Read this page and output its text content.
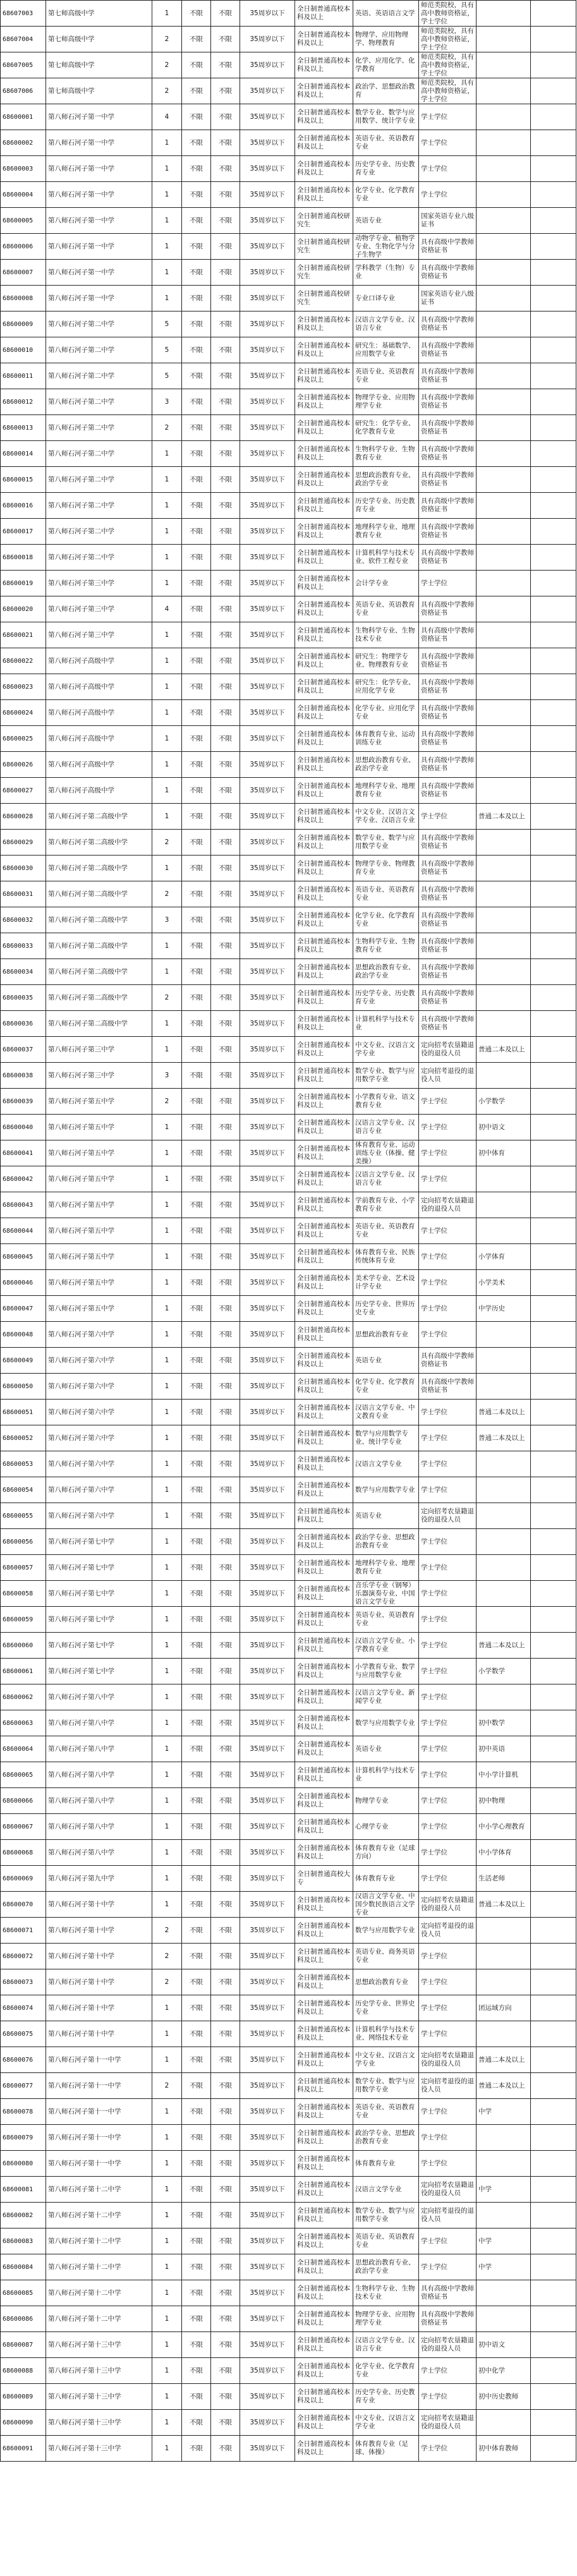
68607003	第七师高级中学	1	不限	不限	35周岁以下	全日制普通高校本科及以上	英语、英语语言文学	师范类院校，具有高中教师资格证，学士学位		
68607004	第七师高级中学	2	不限	不限	35周岁以下	全日制普通高校本科及以上	物理学、应用物理学、物理教育	师范类院校，具有高中教师资格证，学士学位		
68607005	第七师高级中学	2	不限	不限	35周岁以下	全日制普通高校本科及以上	化学、应用化学、化学教育	师范类院校，具有高中教师资格证，学士学位		
68607006	第七师高级中学	2	不限	不限	35周岁以下	全日制普通高校本科及以上	政治学、思想政治教育	师范类院校，具有高中教师资格证，学士学位		
68600001	第八师石河子第一中学	4	不限	不限	35周岁以下	全日制普通高校本科及以上	数学专业、数学与应用数学、统计学专业	学士学位		
68600002	第八师石河子第一中学	1	不限	不限	35周岁以下	全日制普通高校本科及以上	英语专业、英语教育专业	学士学位		
68600003	第八师石河子第一中学	1	不限	不限	35周岁以下	全日制普通高校本科及以上	历史学专业、历史教育专业	学士学位		
68600004	第八师石河子第一中学	1	不限	不限	35周岁以下	全日制普通高校本科及以上	化学专业、化学教育专业	学士学位		
68600005	第八师石河子第一中学	1	不限	不限	35周岁以下	全日制普通高校研究生	英语专业	国家英语专业八级证书		
68600006	第八师石河子第一中学	1	不限	不限	35周岁以下	全日制普通高校研究生	动物学专业、植物学专业、生物化学与分子生物学	具有高级中学教师资格证书		
68600007	第八师石河子第一中学	1	不限	不限	35周岁以下	全日制普通高校研究生	学科教学（生物）专业	具有高级中学教师资格证书		
68600008	第八师石河子第一中学	1	不限	不限	35周岁以下	全日制普通高校研究生	专业口译专业	国家英语专业八级证书		
68600009	第八师石河子第二中学	5	不限	不限	35周岁以下	全日制普通高校本科及以上	汉语言文学专业、汉语言专业	具有高级中学教师资格证书		
68600010	第八师石河子第二中学	5	不限	不限	35周岁以下	全日制普通高校本科及以上	研究生：基础数学、应用数学专业	具有高级中学教师资格证书		
68600011	第八师石河子第二中学	5	不限	不限	35周岁以下	全日制普通高校本科及以上	英语专业、英语教育专业	具有高级中学教师资格证书		
68600012	第八师石河子第二中学	3	不限	不限	35周岁以下	全日制普通高校本科及以上	物理学专业、应用物理学专业	具有高级中学教师资格证书		
68600013	第八师石河子第二中学	2	不限	不限	35周岁以下	全日制普通高校本科及以上	研究生：化学专业、化学教育专业	具有高级中学教师资格证书		
68600014	第八师石河子第二中学	1	不限	不限	35周岁以下	全日制普通高校本科及以上	生物科学专业、生物教育专业	具有高级中学教师资格证书		
68600015	第八师石河子第二中学	1	不限	不限	35周岁以下	全日制普通高校本科及以上	思想政治教育专业、政治学专业	具有高级中学教师资格证书		
68600016	第八师石河子第二中学	1	不限	不限	35周岁以下	全日制普通高校本科及以上	历史学专业、历史教育专业	具有高级中学教师资格证书		
68600017	第八师石河子第二中学	1	不限	不限	35周岁以下	全日制普通高校本科及以上	地理科学专业、地理教育专业	具有高级中学教师资格证书		
68600018	第八师石河子第二中学	1	不限	不限	35周岁以下	全日制普通高校本科及以上	计算机科学与技术专业、软件工程专业	具有高级中学教师资格证书		
68600019	第八师石河子第三中学	1	不限	不限	35周岁以下	全日制普通高校本科及以上	会计学专业	学士学位		
68600020	第八师石河子第三中学	4	不限	不限	35周岁以下	全日制普通高校本科及以上	英语专业、英语教育专业	具有高级中学教师资格证书		
68600021	第八师石河子第三中学	1	不限	不限	35周岁以下	全日制普通高校本科及以上	生物科学专业、生物技术专业	具有高级中学教师资格证书		
68600022	第八师石河子高级中学	1	不限	不限	35周岁以下	全日制普通高校本科及以上	研究生：物理学专业、物理教育专业	具有高级中学教师资格证书		
68600023	第八师石河子高级中学	1	不限	不限	35周岁以下	全日制普通高校本科及以上	研究生：化学专业、应用化学专业	具有高级中学教师资格证书		
68600024	第八师石河子高级中学	1	不限	不限	35周岁以下	全日制普通高校本科及以上	化学专业、应用化学专业	具有高级中学教师资格证书		
68600025	第八师石河子高级中学	1	不限	不限	35周岁以下	全日制普通高校本科及以上	体育教育专业、运动训练专业	具有高级中学教师资格证书		
68600026	第八师石河子高级中学	1	不限	不限	35周岁以下	全日制普通高校本科及以上	思想政治教育专业、政治学专业	具有高级中学教师资格证书		
68600027	第八师石河子高级中学	1	不限	不限	35周岁以下	全日制普通高校本科及以上	地理科学专业、地理教育专业	具有高级中学教师资格证书		
68600028	第八师石河子第二高级中学	1	不限	不限	35周岁以下	全日制普通高校本科及以上	中文专业、汉语言文学专业、汉语言专业	学士学位	普通二本及以上	
68600029	第八师石河子第二高级中学	2	不限	不限	35周岁以下	全日制普通高校本科及以上	数学专业、数学与应用数学专业	具有高级中学教师资格证书		
68600030	第八师石河子第二高级中学	1	不限	不限	35周岁以下	全日制普通高校本科及以上	物理学专业、物理教育专业	具有高级中学教师资格证书		
68600031	第八师石河子第二高级中学	2	不限	不限	35周岁以下	全日制普通高校本科及以上	英语专业、英语教育专业	具有高级中学教师资格证书		
68600032	第八师石河子第二高级中学	3	不限	不限	35周岁以下	全日制普通高校本科及以上	化学专业、化学教育专业	具有高级中学教师资格证书		
68600033	第八师石河子第二高级中学	1	不限	不限	35周岁以下	全日制普通高校本科及以上	生物科学专业、生物教育专业	具有高级中学教师资格证书		
68600034	第八师石河子第二高级中学	1	不限	不限	35周岁以下	全日制普通高校本科及以上	思想政治教育专业、政治学专业	具有高级中学教师资格证书		
68600035	第八师石河子第二高级中学	2	不限	不限	35周岁以下	全日制普通高校本科及以上	历史学专业、历史教育专业	具有高级中学教师资格证书		
68600036	第八师石河子第二高级中学	1	不限	不限	35周岁以下	全日制普通高校本科及以上	计算机科学与技术专业	具有高级中学教师资格证书		
68600037	第八师石河子第三中学	1	不限	不限	35周岁以下	全日制普通高校本科及以上	中文专业、汉语言文学专业	定向招考农垦籍退役的退役人员	普通二本及以上	
68600038	第八师石河子第三中学	3	不限	不限	35周岁以下	全日制普通高校本科及以上	数学专业、数学与应用数学专业	定向招考退役的退役人员		
68600039	第八师石河子第五中学	2	不限	不限	35周岁以下	全日制普通高校本科及以上	小学教育专业、语文教育专业	学士学位	小学数学	
68600040	第八师石河子第五中学	1	不限	不限	35周岁以下	全日制普通高校本科及以上	汉语言文学专业、汉语言专业	学士学位	初中语文	
68600041	第八师石河子第五中学	1	不限	不限	35周岁以下	全日制普通高校本科及以上	体育教育专业、运动训练专业（体操、健美操）	学士学位	初中体育	
68600042	第八师石河子第五中学	1	不限	不限	35周岁以下	全日制普通高校本科及以上	汉语言文学专业、汉语言专业	学士学位		
68600043	第八师石河子第五中学	1	不限	不限	35周岁以下	全日制普通高校本科及以上	学前教育专业、小学教育专业	定向招考农垦籍退役的退役人员		
68600044	第八师石河子第五中学	1	不限	不限	35周岁以下	全日制普通高校本科及以上	英语专业、英语教育专业	学士学位		
68600045	第八师石河子第五中学	1	不限	不限	35周岁以下	全日制普通高校本科及以上	体育教育专业、民族传统体育专业	学士学位	小学体育	
68600046	第八师石河子第五中学	1	不限	不限	35周岁以下	全日制普通高校本科及以上	美术学专业、艺术设计学专业	学士学位	小学美术	
68600047	第八师石河子第五中学	1	不限	不限	35周岁以下	全日制普通高校本科及以上	历史学专业、世界历史专业	学士学位	中学历史	
68600048	第八师石河子第六中学	1	不限	不限	35周岁以下	全日制普通高校本科及以上	思想政治教育专业	学士学位		
68600049	第八师石河子第六中学	1	不限	不限	35周岁以下	全日制普通高校本科及以上	英语专业	具有高级中学教师资格证书		
68600050	第八师石河子第六中学	1	不限	不限	35周岁以下	全日制普通高校本科及以上	化学专业、化学教育专业	具有高级中学教师资格证书		
68600051	第八师石河子第六中学	1	不限	不限	35周岁以下	全日制普通高校本科及以上	汉语言文学专业、中文教育专业	学士学位	普通二本及以上	
68600052	第八师石河子第六中学	1	不限	不限	35周岁以下	全日制普通高校本科及以上	数学与应用数学专业、统计学专业	学士学位	普通二本及以上	
68600053	第八师石河子第六中学	1	不限	不限	35周岁以下	全日制普通高校本科及以上	汉语言文学专业	学士学位		
68600054	第八师石河子第六中学	1	不限	不限	35周岁以下	全日制普通高校本科及以上	数学与应用数学专业	学士学位		
68600055	第八师石河子第六中学	1	不限	不限	35周岁以下	全日制普通高校本科及以上	英语专业	定向招考农垦籍退役的退役人员		
68600056	第八师石河子第七中学	1	不限	不限	35周岁以下	全日制普通高校本科及以上	政治学专业、思想政治教育专业	学士学位		
68600057	第八师石河子第七中学	1	不限	不限	35周岁以下	全日制普通高校本科及以上	地理科学专业、地理教育专业	学士学位		
68600058	第八师石河子第七中学	1	不限	不限	35周岁以下	全日制普通高校本科及以上	音乐学专业（钢琴）乐器演奏专业、中国语言文学专业	学士学位		
68600059	第八师石河子第七中学	1	不限	不限	35周岁以下	全日制普通高校本科及以上	英语专业、英语教育专业	学士学位		
68600060	第八师石河子第七中学	1	不限	不限	35周岁以下	全日制普通高校本科及以上	汉语言文学专业、小学教育专业	学士学位	普通二本及以上	
68600061	第八师石河子第七中学	1	不限	不限	35周岁以下	全日制普通高校本科及以上	小学教育专业、数学与应用数学专业	学士学位	小学数学	
68600062	第八师石河子第八中学	1	不限	不限	35周岁以下	全日制普通高校本科及以上	汉语言文学专业、新闻学专业	学士学位		
68600063	第八师石河子第八中学	1	不限	不限	35周岁以下	全日制普通高校本科及以上	数学与应用数学专业	学士学位	初中数学	
68600064	第八师石河子第八中学	1	不限	不限	35周岁以下	全日制普通高校本科及以上	英语专业	学士学位	初中英语	
68600065	第八师石河子第八中学	1	不限	不限	35周岁以下	全日制普通高校本科及以上	计算机科学与技术专业	学士学位	中小学计算机	
68600066	第八师石河子第八中学	1	不限	不限	35周岁以下	全日制普通高校本科及以上	物理学专业	学士学位	初中物理	
68600067	第八师石河子第八中学	1	不限	不限	35周岁以下	全日制普通高校本科及以上	心理学专业	学士学位	中小学心理教育	
68600068	第八师石河子第八中学	1	不限	不限	35周岁以下	全日制普通高校本科及以上	体育教育专业（足球方向）	学士学位	中小学体育	
68600069	第八师石河子第九中学	1	不限	不限	35周岁以下	全日制普通高校大专	体育教育专业	学士学位	生活老师	
68600070	第八师石河子第十中学	1	不限	不限	35周岁以下	全日制普通高校本科及以上	汉语言文学专业、中国少数民族语言文学专业	定向招考农垦籍退役的退役人员	普通二本及以上	
68600071	第八师石河子第十中学	2	不限	不限	35周岁以下	全日制普通高校本科及以上	数学与应用数学专业	定向招考退役的退役人员		
68600072	第八师石河子第十中学	2	不限	不限	35周岁以下	全日制普通高校本科及以上	英语专业、商务英语专业	学士学位		
68600073	第八师石河子第十中学	2	不限	不限	35周岁以下	全日制普通高校本科及以上	思想政治教育专业	学士学位		
68600074	第八师石河子第十中学	1	不限	不限	35周岁以下	全日制普通高校本科及以上	历史学专业、世界史专业	学士学位	团运域方向	
68600075	第八师石河子第十中学	1	不限	不限	35周岁以下	全日制普通高校本科及以上	计算机科学与技术专业、网络技术专业	学士学位		
68600076	第八师石河子第十一中学	1	不限	不限	35周岁以下	全日制普通高校本科及以上	中文专业、汉语言文学专业	定向招考农垦籍退役的退役人员	普通二本及以上	
68600077	第八师石河子第十一中学	2	不限	不限	35周岁以下	全日制普通高校本科及以上	数学专业、数学与应用数学专业	定向招考退役的退役人员	普通二本及以上	
68600078	第八师石河子第十一中学	1	不限	不限	35周岁以下	全日制普通高校本科及以上	英语专业、英语教育专业	学士学位	中学	
68600079	第八师石河子第十一中学	1	不限	不限	35周岁以下	全日制普通高校本科及以上	政治学专业、思想政治教育专业	学士学位		
68600080	第八师石河子第十一中学	1	不限	不限	35周岁以下	全日制普通高校本科及以上	体育教育专业	学士学位		
68600081	第八师石河子第十二中学	1	不限	不限	35周岁以下	全日制普通高校本科及以上	汉语言文学专业	定向招考农垦籍退役的退役人员	中学	
68600082	第八师石河子第十二中学	1	不限	不限	35周岁以下	全日制普通高校本科及以上	数学专业、数学与应用数学专业	定向招考退役的退役人员		
68600083	第八师石河子第十二中学	1	不限	不限	35周岁以下	全日制普通高校本科及以上	英语专业、英语教育专业	学士学位	中学	
68600084	第八师石河子第十二中学	1	不限	不限	35周岁以下	全日制普通高校本科及以上	思想政治教育专业、政治学专业	学士学位	中学	
68600085	第八师石河子第十二中学	1	不限	不限	35周岁以下	全日制普通高校本科及以上	生物科学专业、生物技术专业	具有高级中学教师资格证书		
68600086	第八师石河子第十二中学	1	不限	不限	35周岁以下	全日制普通高校本科及以上	物理学专业、应用物理学专业	具有高级中学教师资格证书		
68600087	第八师石河子第十三中学	1	不限	不限	35周岁以下	全日制普通高校本科及以上	汉语言文学专业、汉语言专业	定向招考农垦籍退役的退役人员	初中语文	
68600088	第八师石河子第十三中学	1	不限	不限	35周岁以下	全日制普通高校本科及以上	化学专业、化学教育专业	学士学位	初中化学	
68600089	第八师石河子第十三中学	1	不限	不限	35周岁以下	全日制普通高校本科及以上	历史学专业、历史教育专业	学士学位	初中历史教师	
68600090	第八师石河子第十三中学	1	不限	不限	35周岁以下	全日制普通高校本科及以上	中文专业、汉语言文学专业	定向招考农垦籍退役的退役人员		
68600091	第八师石河子第十三中学	1	不限	不限	35周岁以下	全日制普通高校本科及以上	体育教育专业（足球、体操）	学士学位	初中体育教师	
